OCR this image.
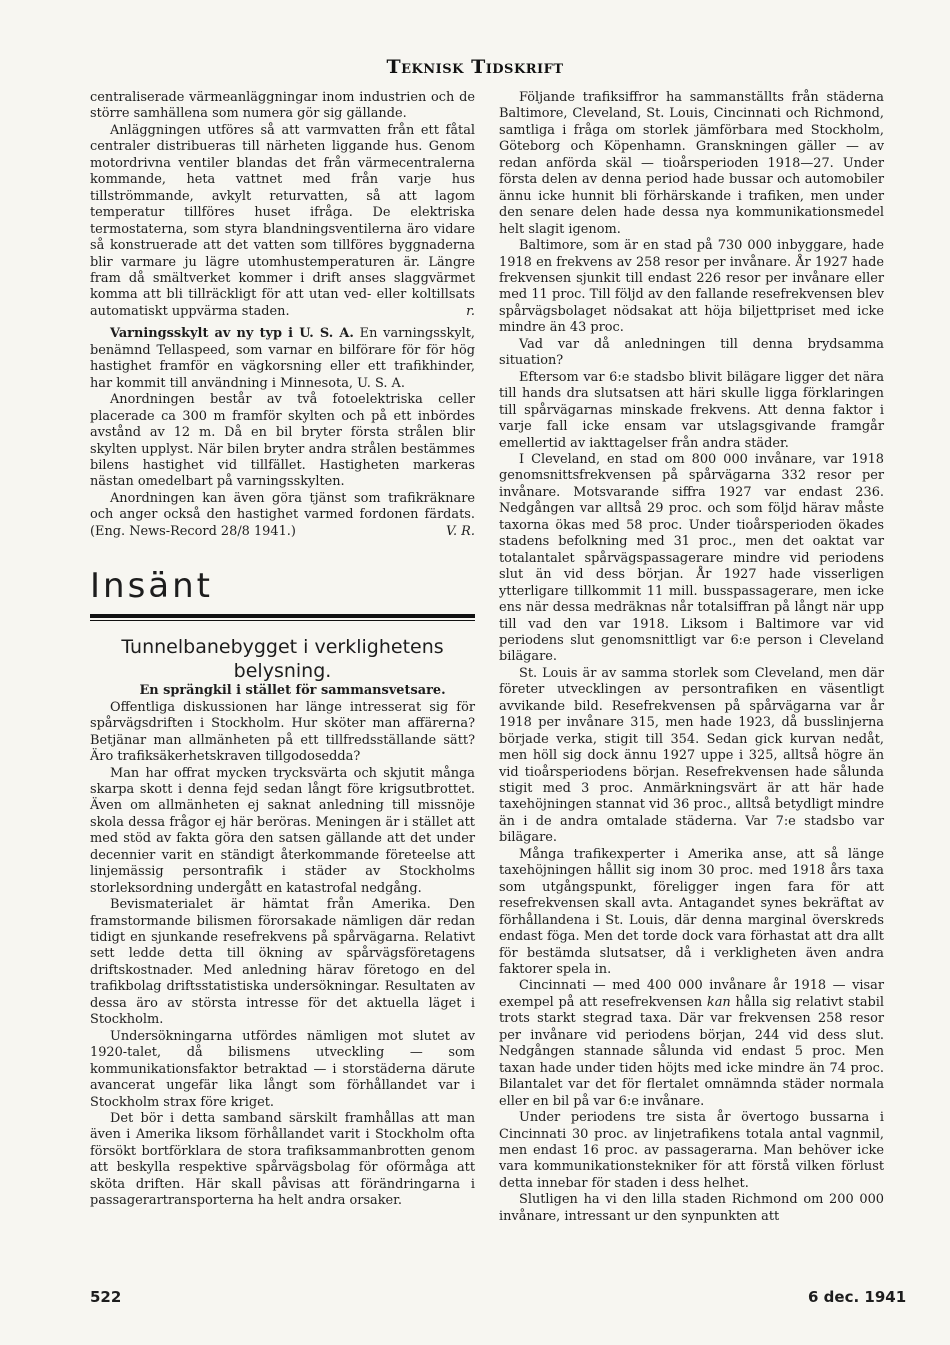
Teknisk Tidskrift

centraliserade värmeanläggningar inom industrien och de större samhällena som numera gör sig gällande.

Anläggningen utföres så att varmvatten från ett fåtal centraler distribueras till närheten liggande hus. Genom motordrivna ventiler blandas det från värmecentralerna kommande, heta vattnet med från varje hus tillströmmande, avkylt returvatten, så att lagom temperatur tillföres huset ifråga. De elektriska termostaterna, som styra blandningsventilerna äro vidare så konstruerade att det vatten som tillföres byggnaderna blir varmare ju lägre utomhustemperaturen är. Längre fram då smältverket kommer i drift anses slaggvärmet komma att bli tillräckligt för att utan ved- eller koltillsats automatiskt uppvärma staden.	r.

Varningsskylt av ny typ i U. S. A. En varningsskylt, benämnd Tellaspeed, som varnar en bilförare för för hög hastighet framför en vägkorsning eller ett trafikhinder, har kommit till användning i Minnesota, U. S. A.

Anordningen består av två fotoelektriska celler placerade ca 300 m framför skylten och på ett inbördes avstånd av 12 m. Då en bil bryter första strålen blir skylten upplyst. När bilen bryter andra strålen bestämmes bilens hastighet vid tillfället. Hastigheten markeras nästan omedelbart på varningsskylten.

Anordningen kan även göra tjänst som trafikräknare och anger också den hastighet varmed fordonen färdats. (Eng. News-Record 28/8 1941.)	V. R.

Insänt
Tunnelbanebygget i verklighetens belysning.

En sprängkil i stället för sammansvetsare.

Offentliga diskussionen har länge intresserat sig för spårvägsdriften i Stockholm. Hur sköter man affärerna? Betjänar man allmänheten på ett tillfredsställande sätt? Äro trafiksäkerhetskraven tillgodosedda?

Man har offrat mycken trycksvärta och skjutit många skarpa skott i denna fejd sedan långt före krigsutbrottet. Även om allmänheten ej saknat anledning till missnöje skola dessa frågor ej här beröras. Meningen är i stället att med stöd av fakta göra den satsen gällande att det under decennier varit en ständigt återkommande företeelse att linjemässig persontrafik i städer av Stockholms storleksordning undergått en katastrofal nedgång.

Bevismaterialet är hämtat från Amerika. Den framstormande bilismen förorsakade nämligen där redan tidigt en sjunkande resefrekvens på spårvägarna. Relativt sett ledde detta till ökning av spårvägsföretagens driftskostnader. Med anledning härav företogo en del trafikbolag driftsstatistiska undersökningar. Resultaten av dessa äro av största intresse för det aktuella läget i Stockholm.

Undersökningarna utfördes nämligen mot slutet av 1920-talet, då bilismens utveckling — som kommunikationsfaktor betraktad — i storstäderna därute avancerat ungefär lika långt som förhållandet var i Stockholm strax före kriget.

Det bör i detta samband särskilt framhållas att man även i Amerika liksom förhållandet varit i Stockholm ofta försökt bortförklara de stora trafiksammanbrotten genom att beskylla respektive spårvägsbolag för oförmåga att sköta driften. Här skall påvisas att förändringarna i passagerartransporterna ha helt andra orsaker.

Följande trafiksiffror ha sammanställts från städerna Baltimore, Cleveland, St. Louis, Cincinnati och Richmond, samtliga i fråga om storlek jämförbara med Stockholm, Göteborg och Köpenhamn. Granskningen gäller — av redan anförda skäl — tioårsperioden 1918—27. Under första delen av denna period hade bussar och automobiler ännu icke hunnit bli förhärskande i trafiken, men under den senare delen hade dessa nya kommunikationsmedel helt slagit igenom.

Baltimore, som är en stad på 730 000 inbyggare, hade 1918 en frekvens av 258 resor per invånare. År 1927 hade frekvensen sjunkit till endast 226 resor per invånare eller med 11 proc. Till följd av den fallande resefrekvensen blev spårvägsbolaget nödsakat att höja biljettpriset med icke mindre än 43 proc.

Vad var då anledningen till denna brydsamma situation?

Eftersom var 6:e stadsbo blivit bilägare ligger det nära till hands dra slutsatsen att häri skulle ligga förklaringen till spårvägarnas minskade frekvens. Att denna faktor i varje fall icke ensam var utslagsgivande framgår emellertid av iakttagelser från andra städer.

I Cleveland, en stad om 800 000 invånare, var 1918 genomsnittsfrekvensen på spårvägarna 332 resor per invånare. Motsvarande siffra 1927 var endast 236. Nedgången var alltså 29 proc. och som följd härav måste taxorna ökas med 58 proc. Under tioårsperioden ökades stadens befolkning med 31 proc., men det oaktat var totalantalet spårvägspassagerare mindre vid periodens slut än vid dess början. År 1927 hade visserligen ytterligare tillkommit 11 mill. busspassagerare, men icke ens när dessa medräknas når totalsiffran på långt när upp till vad den var 1918. Liksom i Baltimore var vid periodens slut genomsnittligt var 6:e person i Cleveland bilägare.

St. Louis är av samma storlek som Cleveland, men där företer utvecklingen av persontrafiken en väsentligt avvikande bild. Resefrekvensen på spårvägarna var år 1918 per invånare 315, men hade 1923, då busslinjerna började verka, stigit till 354. Sedan gick kurvan nedåt, men höll sig dock ännu 1927 uppe i 325, alltså högre än vid tioårsperiodens början. Resefrekvensen hade sålunda stigit med 3 proc. Anmärkningsvärt är att här hade taxehöjningen stannat vid 36 proc., alltså betydligt mindre än i de andra omtalade städerna. Var 7:e stadsbo var bilägare.

Många trafikexperter i Amerika anse, att så länge taxehöjningen hållit sig inom 30 proc. med 1918 års taxa som utgångspunkt, föreligger ingen fara för att resefrekvensen skall avta. Antagandet synes bekräftat av förhållandena i St. Louis, där denna marginal överskreds endast föga. Men det torde dock vara förhastat att dra allt för bestämda slutsatser, då i verkligheten även andra faktorer spela in.

Cincinnati — med 400 000 invånare år 1918 — visar exempel på att resefrekvensen kan hålla sig relativt stabil trots starkt stegrad taxa. Där var frekvensen 258 resor per invånare vid periodens början, 244 vid dess slut. Nedgången stannade sålunda vid endast 5 proc. Men taxan hade under tiden höjts med icke mindre än 74 proc. Bilantalet var det för flertalet omnämnda städer normala eller en bil på var 6:e invånare.

Under periodens tre sista år övertogo bussarna i Cincinnati 30 proc. av linjetrafikens totala antal vagnmil, men endast 16 proc. av passagerarna. Man behöver icke vara kommunikationstekniker för att förstå vilken förlust detta innebar för staden i dess helhet.

Slutligen ha vi den lilla staden Richmond om 200 000 invånare, intressant ur den synpunkten att

522	6 dec. 1941
